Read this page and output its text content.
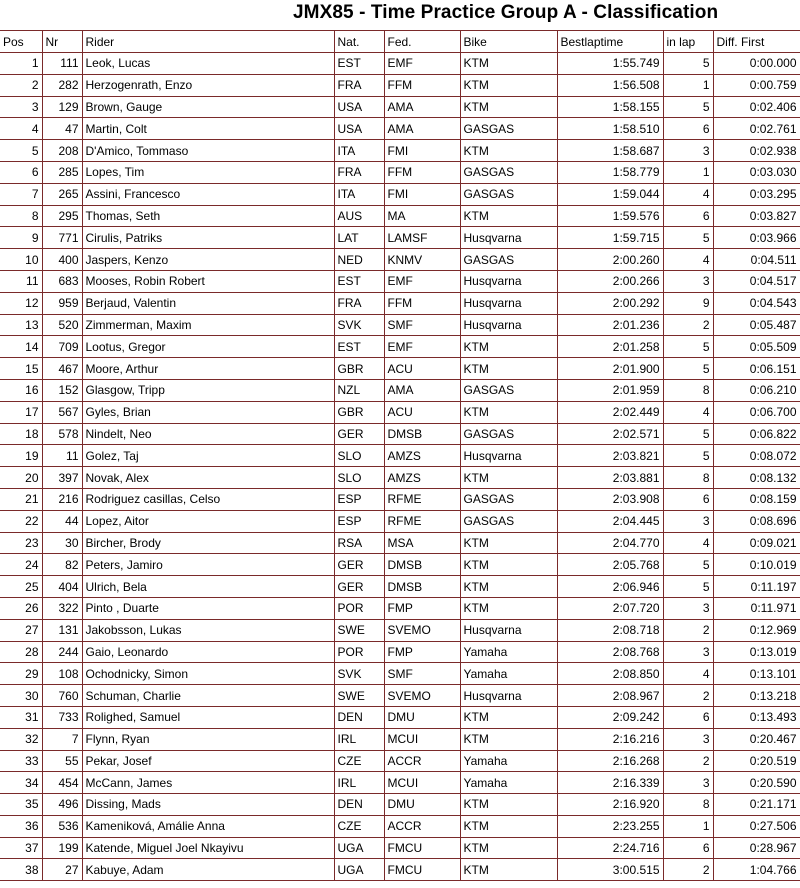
JMX85 - Time Practice Group A - Classification
Pos	Nr	Rider	Nat.	Fed.	Bike	Bestlaptime	in lap	Diff. First	
1	111	Leok, Lucas	EST	EMF	KTM	1:55.749	5	0:00.000	
2	282	Herzogenrath, Enzo	FRA	FFM	KTM	1:56.508	1	0:00.759	
3	129	Brown, Gauge	USA	AMA	KTM	1:58.155	5	0:02.406	
4	47	Martin, Colt	USA	AMA	GASGAS	1:58.510	6	0:02.761	
5	208	D'Amico, Tommaso	ITA	FMI	KTM	1:58.687	3	0:02.938	
6	285	Lopes, Tim	FRA	FFM	GASGAS	1:58.779	1	0:03.030	
7	265	Assini, Francesco	ITA	FMI	GASGAS	1:59.044	4	0:03.295	
8	295	Thomas, Seth	AUS	MA	KTM	1:59.576	6	0:03.827	
9	771	Cirulis, Patriks	LAT	LAMSF	Husqvarna	1:59.715	5	0:03.966	
10	400	Jaspers, Kenzo	NED	KNMV	GASGAS	2:00.260	4	0:04.511	
11	683	Mooses, Robin Robert	EST	EMF	Husqvarna	2:00.266	3	0:04.517	
12	959	Berjaud, Valentin	FRA	FFM	Husqvarna	2:00.292	9	0:04.543	
13	520	Zimmerman, Maxim	SVK	SMF	Husqvarna	2:01.236	2	0:05.487	
14	709	Lootus, Gregor	EST	EMF	KTM	2:01.258	5	0:05.509	
15	467	Moore, Arthur	GBR	ACU	KTM	2:01.900	5	0:06.151	
16	152	Glasgow, Tripp	NZL	AMA	GASGAS	2:01.959	8	0:06.210	
17	567	Gyles, Brian	GBR	ACU	KTM	2:02.449	4	0:06.700	
18	578	Nindelt, Neo	GER	DMSB	GASGAS	2:02.571	5	0:06.822	
19	11	Golez, Taj	SLO	AMZS	Husqvarna	2:03.821	5	0:08.072	
20	397	Novak, Alex	SLO	AMZS	KTM	2:03.881	8	0:08.132	
21	216	Rodriguez casillas, Celso	ESP	RFME	GASGAS	2:03.908	6	0:08.159	
22	44	Lopez, Aitor	ESP	RFME	GASGAS	2:04.445	3	0:08.696	
23	30	Bircher, Brody	RSA	MSA	KTM	2:04.770	4	0:09.021	
24	82	Peters, Jamiro	GER	DMSB	KTM	2:05.768	5	0:10.019	
25	404	Ulrich, Bela	GER	DMSB	KTM	2:06.946	5	0:11.197	
26	322	Pinto , Duarte	POR	FMP	KTM	2:07.720	3	0:11.971	
27	131	Jakobsson, Lukas	SWE	SVEMO	Husqvarna	2:08.718	2	0:12.969	
28	244	Gaio, Leonardo	POR	FMP	Yamaha	2:08.768	3	0:13.019	
29	108	Ochodnicky, Simon	SVK	SMF	Yamaha	2:08.850	4	0:13.101	
30	760	Schuman, Charlie	SWE	SVEMO	Husqvarna	2:08.967	2	0:13.218	
31	733	Rolighed, Samuel	DEN	DMU	KTM	2:09.242	6	0:13.493	
32	7	Flynn, Ryan	IRL	MCUI	KTM	2:16.216	3	0:20.467	
33	55	Pekar, Josef	CZE	ACCR	Yamaha	2:16.268	2	0:20.519	
34	454	McCann, James	IRL	MCUI	Yamaha	2:16.339	3	0:20.590	
35	496	Dissing, Mads	DEN	DMU	KTM	2:16.920	8	0:21.171	
36	536	Kameniková, Amálie Anna	CZE	ACCR	KTM	2:23.255	1	0:27.506	
37	199	Katende, Miguel Joel Nkayivu	UGA	FMCU	KTM	2:24.716	6	0:28.967	
38	27	Kabuye, Adam	UGA	FMCU	KTM	3:00.515	2	1:04.766	
